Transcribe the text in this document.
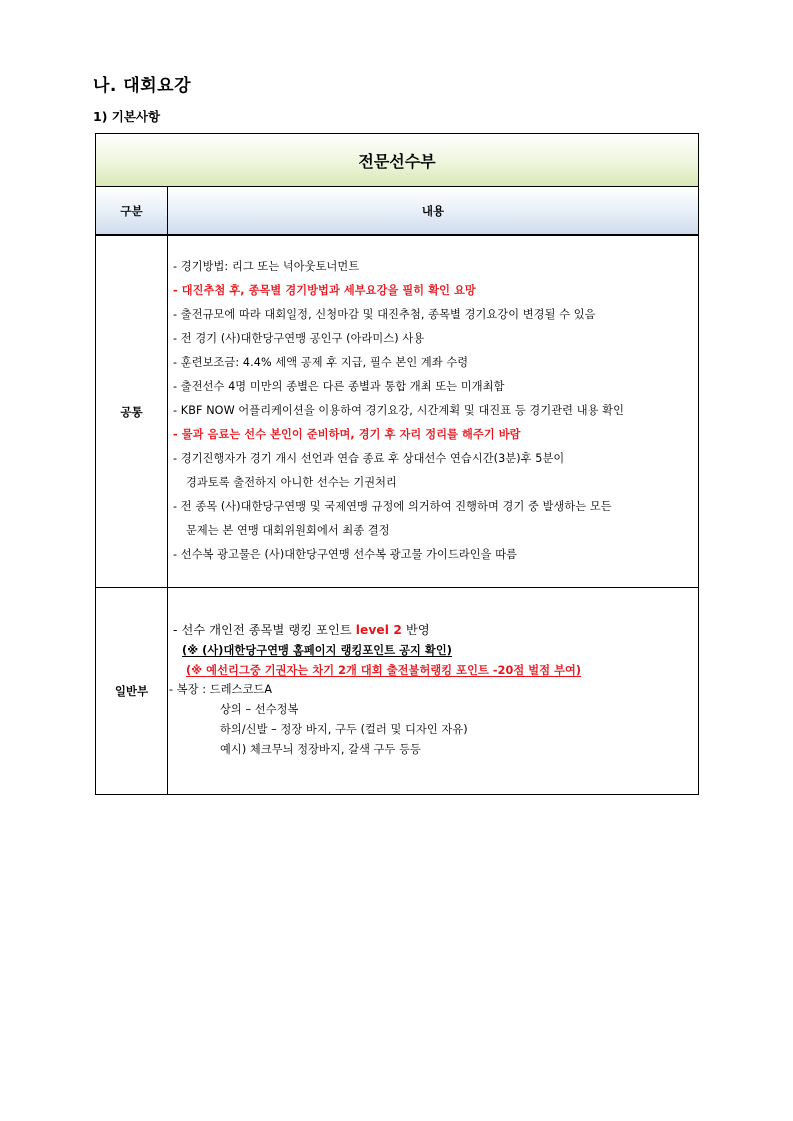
나. 대회요강
1) 기본사항
전문선수부
구분	내용
공통
- 경기방법: 리그 또는 넉아웃토너먼트
- 대진추첨 후, 종목별 경기방법과 세부요강을 필히 확인 요망
- 출전규모에 따라 대회일정, 신청마감 및 대진추첨, 종목별 경기요강이 변경될 수 있음
- 전 경기 (사)대한당구연맹 공인구 (아라미스) 사용
- 훈련보조금: 4.4% 세액 공제 후 지급, 필수 본인 계좌 수령
- 출전선수 4명 미만의 종별은 다른 종별과 통합 개최 또는 미개최함
- KBF NOW 어플리케이션을 이용하여 경기요강, 시간계획 및 대진표 등 경기관련 내용 확인
- 물과 음료는 선수 본인이 준비하며, 경기 후 자리 정리를 해주기 바람
- 경기진행자가 경기 개시 선언과 연습 종료 후 상대선수 연습시간(3분)후 5분이
경과토록 출전하지 아니한 선수는 기권처리
- 전 종목 (사)대한당구연맹 및 국제연맹 규정에 의거하여 진행하며 경기 중 발생하는 모든
문제는 본 연맹 대회위원회에서 최종 결정
- 선수복 광고물은 (사)대한당구연맹 선수복 광고물 가이드라인을 따름
일반부
- 선수 개인전 종목별 랭킹 포인트 level 2 반영
(※ (사)대한당구연맹 홈페이지 랭킹포인트 공지 확인)
(※ 예선리그중 기권자는 차기 2개 대회 출전불허랭킹 포인트 -20점 벌점 부여)
- 복장 : 드레스코드A
상의 – 선수정복
하의/신발 – 정장 바지, 구두 (컬러 및 디자인 자유)
예시) 체크무늬 정장바지, 갈색 구두 등등
